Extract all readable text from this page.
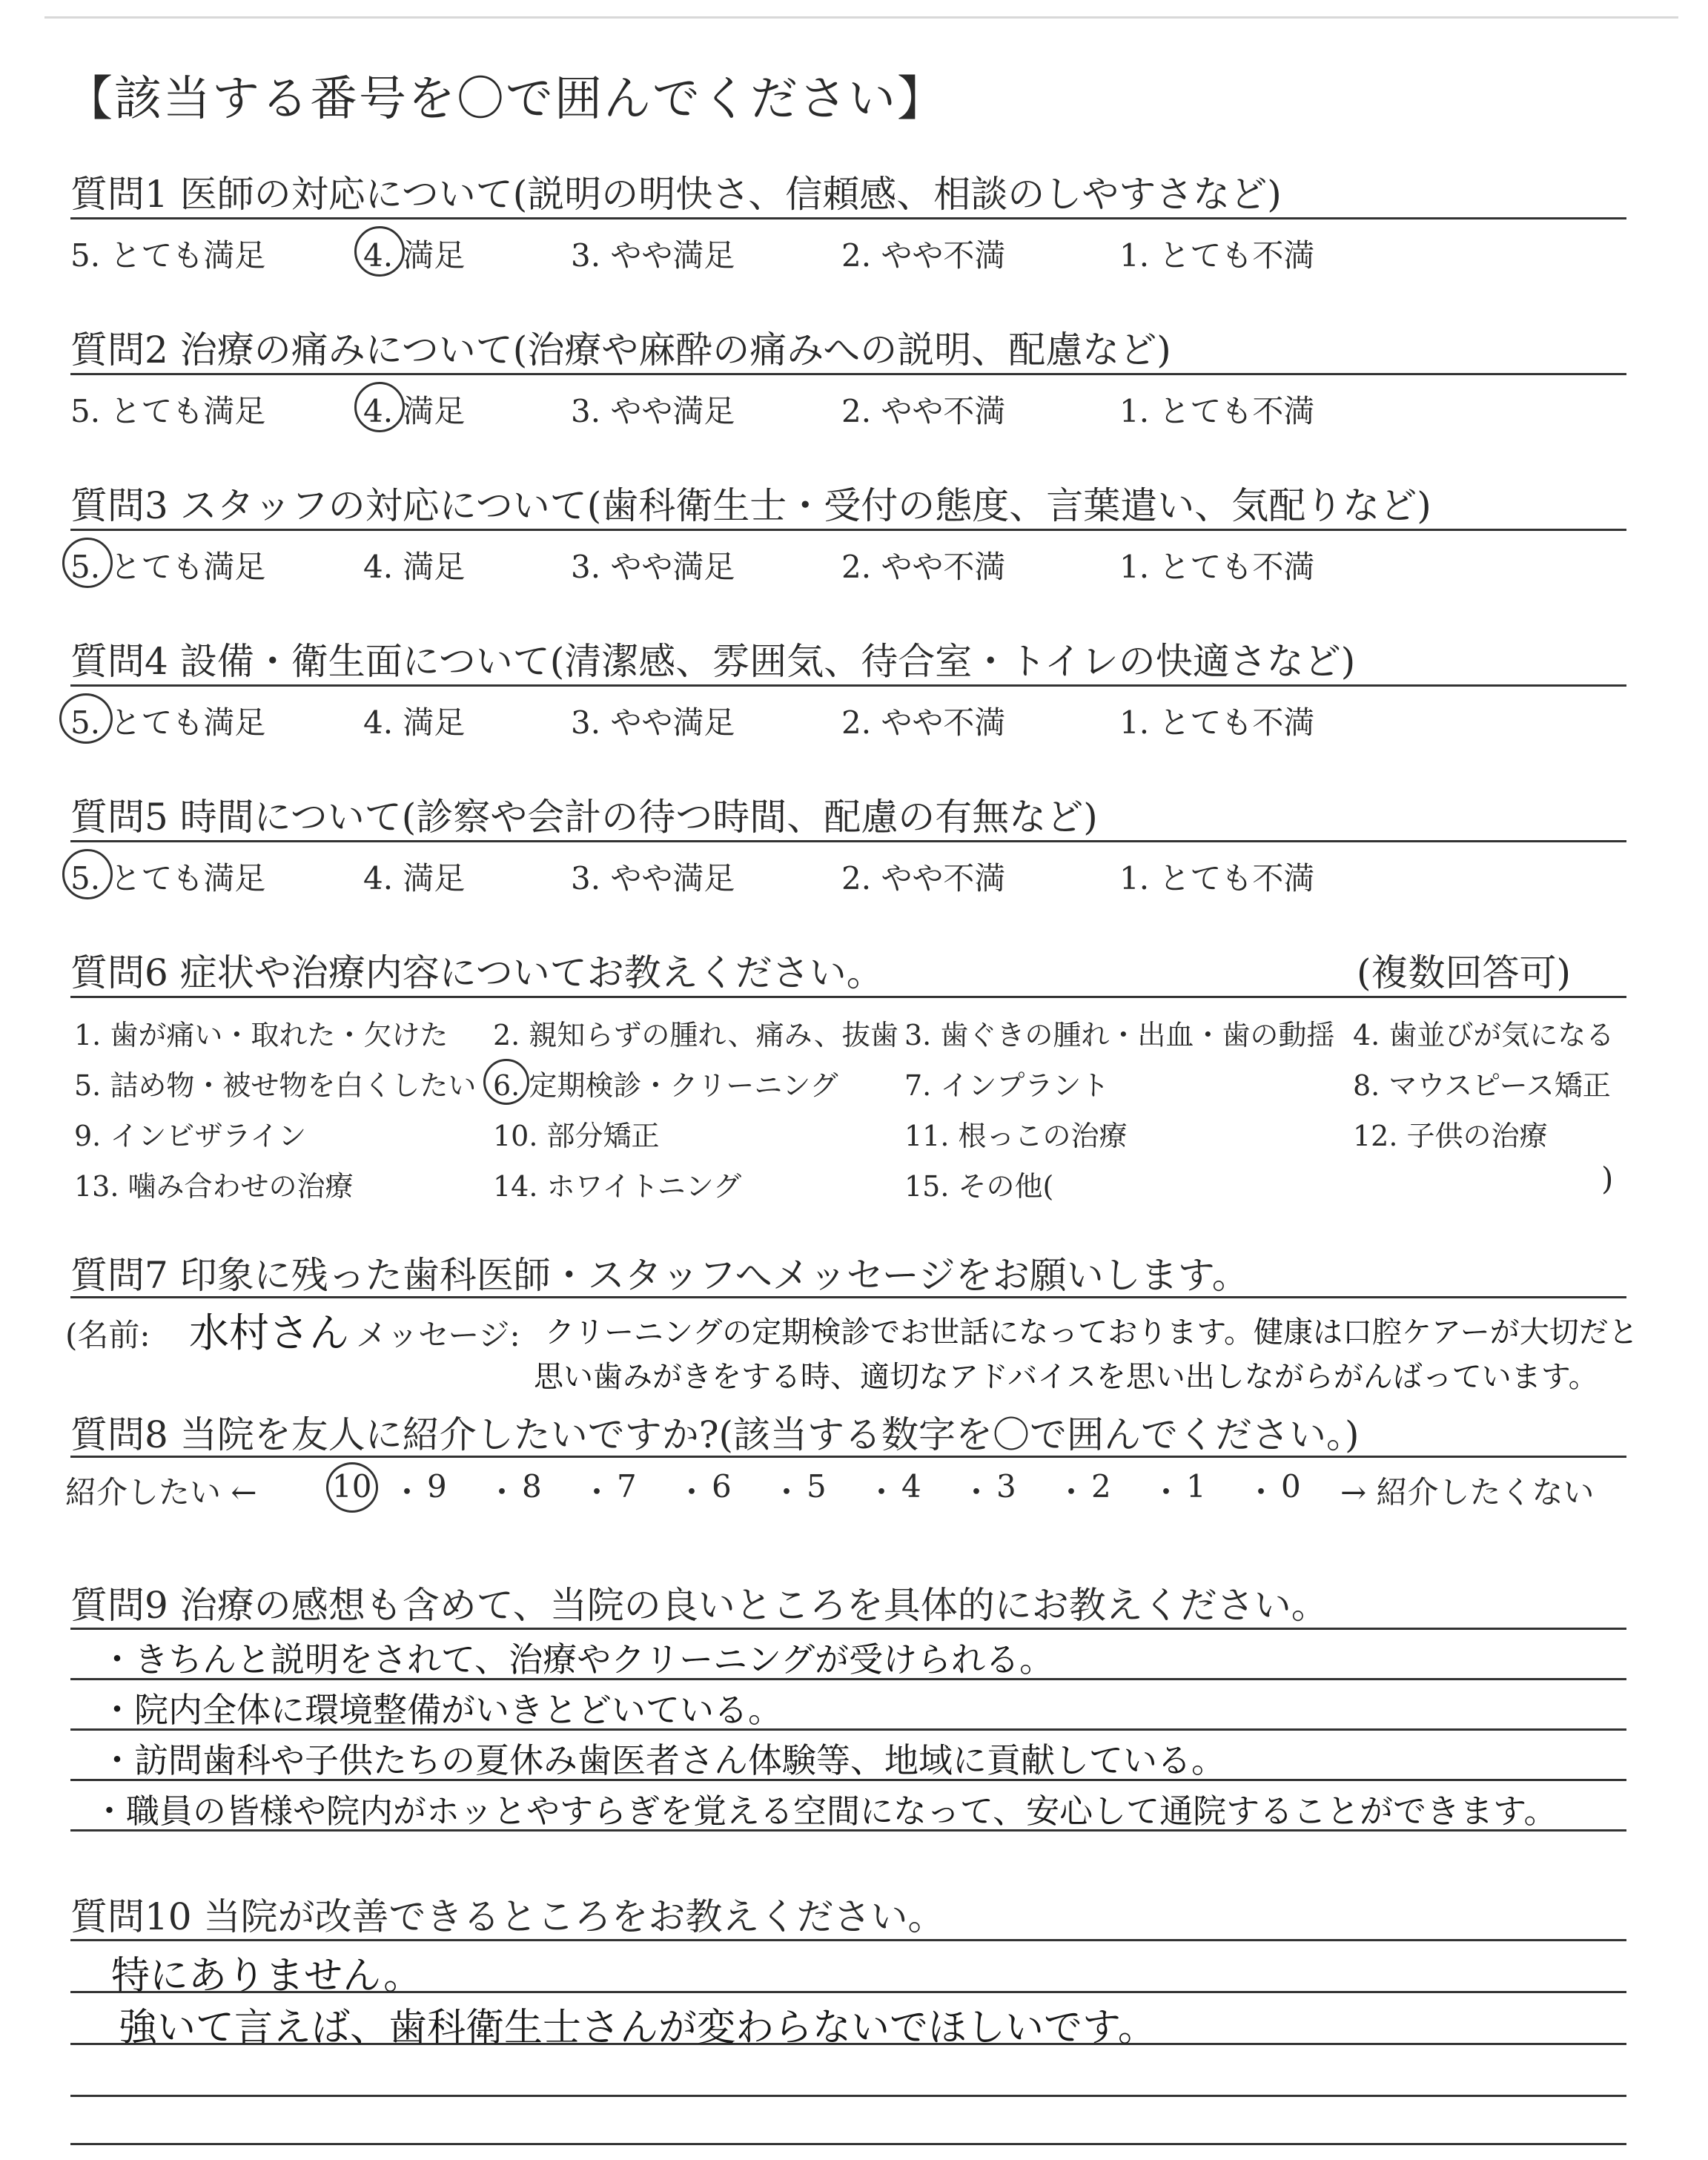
【該当する番号を〇で囲んでください】
質問1 医師の対応について(説明の明快さ、信頼感、相談のしやすさなど)
5. とても満足	4. 満足	3. やや満足	2. やや不満	1. とても不満
質問2 治療の痛みについて(治療や麻酔の痛みへの説明、配慮など)
5. とても満足	4. 満足	3. やや満足	2. やや不満	1. とても不満
質問3 スタッフの対応について(歯科衛生士・受付の態度、言葉遣い、気配りなど)
5. とても満足	4. 満足	3. やや満足	2. やや不満	1. とても不満
質問4 設備・衛生面について(清潔感、雰囲気、待合室・トイレの快適さなど)
5. とても満足	4. 満足	3. やや満足	2. やや不満	1. とても不満
質問5 時間について(診察や会計の待つ時間、配慮の有無など)
5. とても満足	4. 満足	3. やや満足	2. やや不満	1. とても不満
質問6 症状や治療内容についてお教えください。	(複数回答可)
1. 歯が痛い・取れた・欠けた 2. 親知らずの腫れ、痛み、抜歯 3. 歯ぐきの腫れ・出血・歯の動揺 4. 歯並びが気になる
5. 詰め物・被せ物を白くしたい 6. 定期検診・クリーニング 7. インプラント	8. マウスピース矯正
9. インビザライン	10. 部分矯正	11. 根っこの治療	12. 子供の治療
13. 噛み合わせの治療	14. ホワイトニング	15. その他(	)
質問7 印象に残った歯科医師・スタッフへメッセージをお願いします。
(名前: 水村さん メッセージ: クリーニングの定期検診でお世話になっております。健康は口腔ケアーが大切だと
思い歯みがきをする時、適切なアドバイスを思い出しながらがんばっています。
質問8 当院を友人に紹介したいですか?(該当する数字を〇で囲んでください。)
紹介したい ← 10 ・ 9 ・ 8 ・ 7 ・ 6 ・ 5 ・ 4 ・ 3 ・ 2 ・ 1 ・ 0 → 紹介したくない
質問9 治療の感想も含めて、当院の良いところを具体的にお教えください。
・きちんと説明をされて、治療やクリーニングが受けられる。
・院内全体に環境整備がいきとどいている。
・訪問歯科や子供たちの夏休み歯医者さん体験等、地域に貢献している。
・職員の皆様や院内がホッとやすらぎを覚える空間になって、安心して通院することができます。
質問10 当院が改善できるところをお教えください。
特にありません。
強いて言えば、歯科衛生士さんが変わらないでほしいです。
